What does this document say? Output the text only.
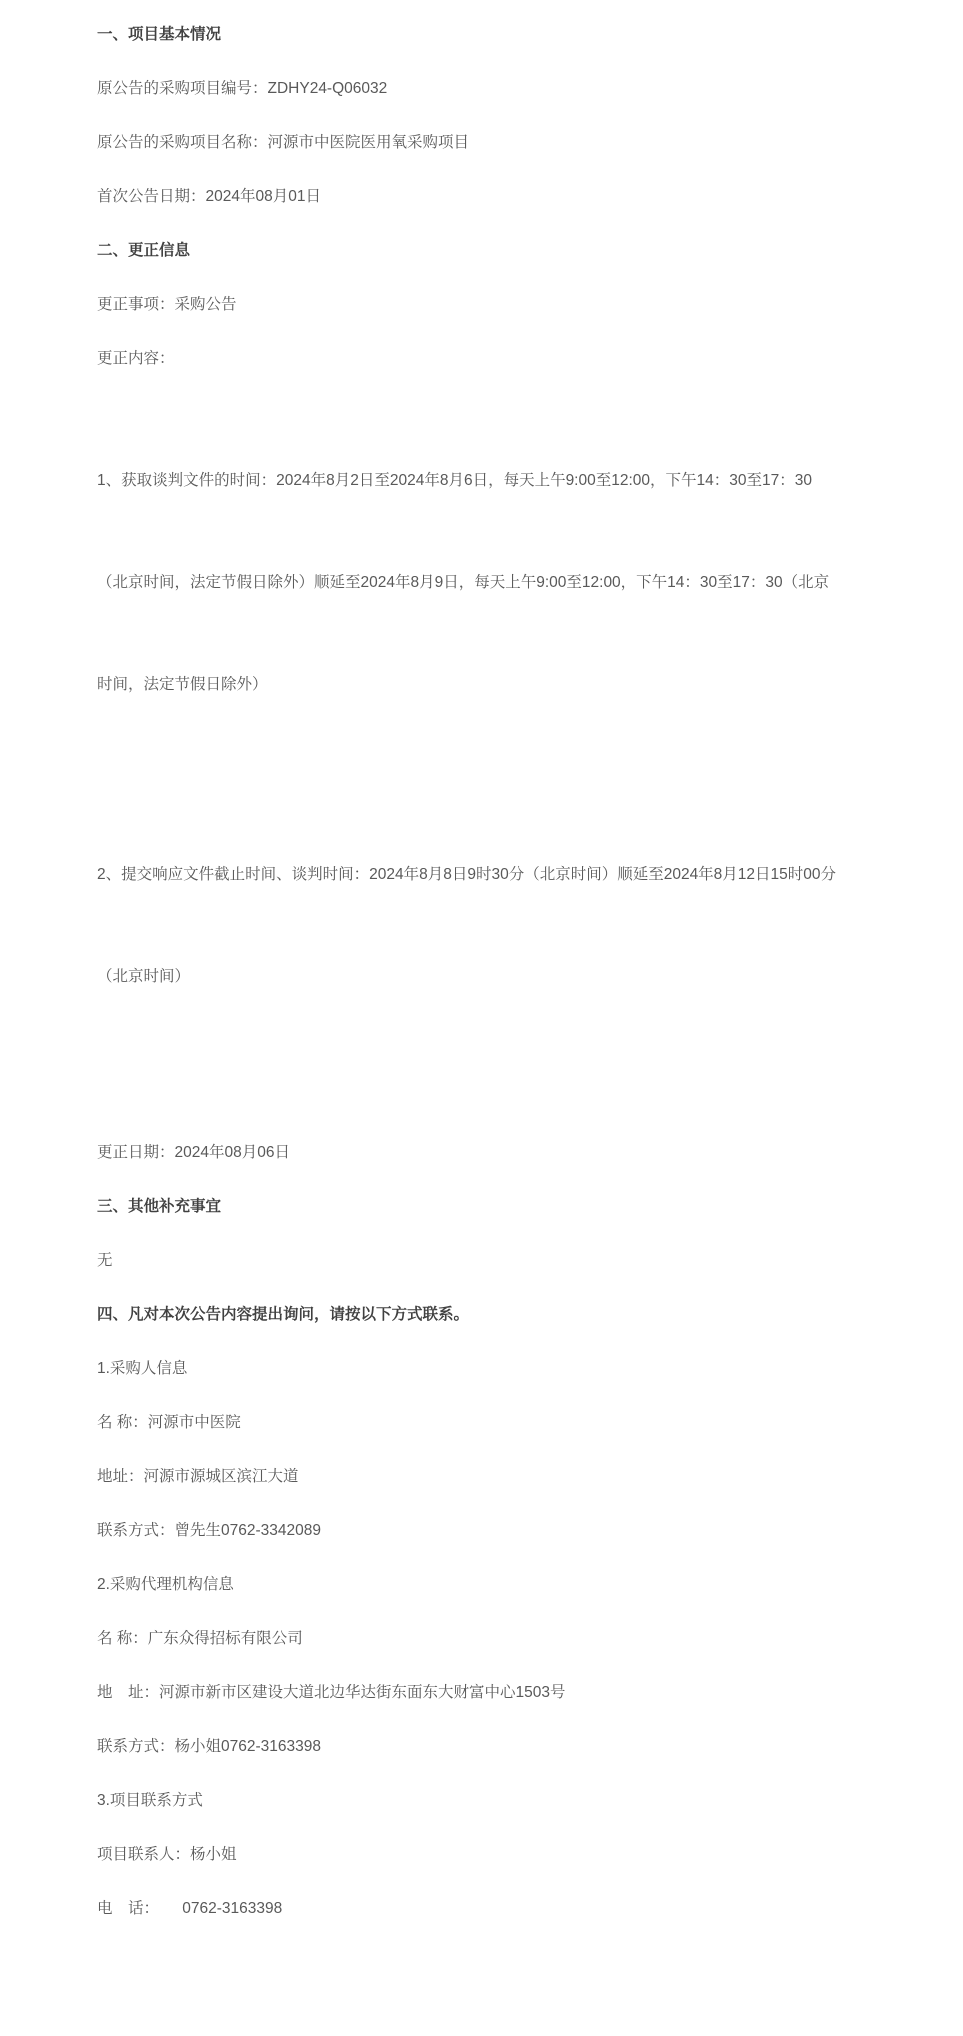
一、项目基本情况

原公告的采购项目编号：ZDHY24-Q06032

原公告的采购项目名称：河源市中医院医用氧采购项目

首次公告日期：2024年08月01日

二、更正信息

更正事项：采购公告

更正内容：

1、获取谈判文件的时间：2024年8月2日至2024年8月6日，每天上午9:00至12:00，下午14：30至17：30

（北京时间，法定节假日除外）顺延至2024年8月9日，每天上午9:00至12:00，下午14：30至17：30（北京

时间，法定节假日除外）

2、提交响应文件截止时间、谈判时间：2024年8月8日9时30分（北京时间）顺延至2024年8月12日15时00分

（北京时间）

更正日期：2024年08月06日

三、其他补充事宜

无

四、凡对本次公告内容提出询问，请按以下方式联系。

1.采购人信息

名 称：河源市中医院

地址：河源市源城区滨江大道

联系方式：曾先生0762-3342089

2.采购代理机构信息

名 称：广东众得招标有限公司

地　址：河源市新市区建设大道北边华达街东面东大财富中心1503号

联系方式：杨小姐0762-3163398

3.项目联系方式

项目联系人：杨小姐

电　话：　　0762-3163398
